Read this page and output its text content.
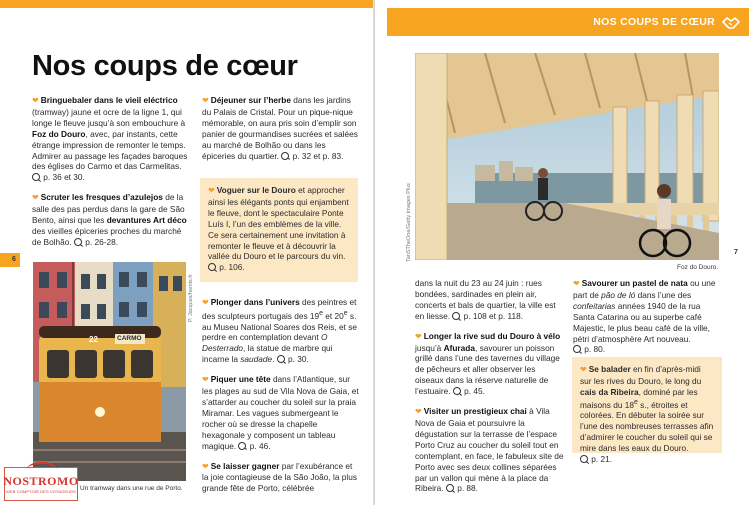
Nos coups de cœur

❤ Bringuebaler dans le vieil eléctrico (tramway) jaune et ocre de la ligne 1, qui longe le fleuve jusqu’à son embouchure à Foz do Douro, avec, par instants, cette étrange impression de remonter le temps. Admirer au passage les façades baroques des églises do Carmo et das Carmelitas.  p. 36 et 30.

❤ Scruter les fresques d’azulejos de la salle des pas perdus dans la gare de São Bento, ainsi que les devantures Art déco des vieilles épiceries proches du marché de Bolhão.  p. 26-28.

❤ Déjeuner sur l’herbe dans les jardins du Palais de Cristal. Pour un pique-nique mémorable, on aura pris soin d’emplir son panier de gourmandises sucrées et salées au marché de Bolhão ou dans les épiceries du quartier.  p. 32 et p. 83.

❤ Voguer sur le Douro et approcher ainsi les élégants ponts qui enjambent le fleuve, dont le spectaculaire Ponte Luís I, l’un des emblèmes de la ville. Ce sera certainement une invitation à remonter le fleuve et à découvrir la vallée du Douro et le parcours du vin.  p. 106.

❤ Plonger dans l’univers des peintres et des sculpteurs portugais des 19e et 20e s. au Museu National Soares dos Reis, et se perdre en contemplation devant O Desterrado, la statue de marbre qui incarne la saudade.  p. 30.

❤ Piquer une tête dans l’Atlantique, sur les plages au sud de Vila Nova de Gaia, et s’attarder au coucher du soleil sur la praia Miramar. Les vagues submergeant le rocher où se dresse la chapelle hexagonale y composent un tableau magique.  p. 46.

❤ Se laisser gagner par l’exubérance et la joie contagieuse de la São João, la plus grande fête de Porto, célébrée

22	CARMO
P. Jacques/hemis.fr
Un tramway dans une rue de Porto.
6
NOSTROMO
WEB COMPTOIR DES VOYAGEURS
NOS COUPS DE CŒUR
TanSTheOne/Getty Images Plus
Foz do Douro.

dans la nuit du 23 au 24 juin : rues bondées, sardinades en plein air, concerts et bals de quartier, la ville est en liesse.  p. 108 et p. 118.

❤ Longer la rive sud du Douro à vélo jusqu’à Afurada, savourer un poisson grillé dans l’une des tavernes du village de pêcheurs et aller observer les oiseaux dans la réserve naturelle de l’estuaire.  p. 45.

❤ Visiter un prestigieux chai à Vila Nova de Gaia et poursuivre la dégustation sur la terrasse de l’espace Porto Cruz au coucher du soleil tout en contemplant, en face, le fabuleux site de Porto avec ses deux collines séparées par un vallon qui mène à la place da Ribeira.  p. 88.

❤ Savourer un pastel de nata ou une part de pão de ló dans l’une des confeitarias années 1940 de la rua Santa Catarina ou au superbe café Majestic, le plus beau café de la ville, pétri d’atmosphère Art nouveau.  p. 80.

❤ Se balader en fin d’après-midi sur les rives du Douro, le long du cais da Ribeira, dominé par les maisons du 18e s., étroites et colorées. En débuter la soirée sur l’une des nombreuses terrasses afin d’admirer le coucher du soleil qui se mire dans les eaux du Douro.  p. 21.
7
